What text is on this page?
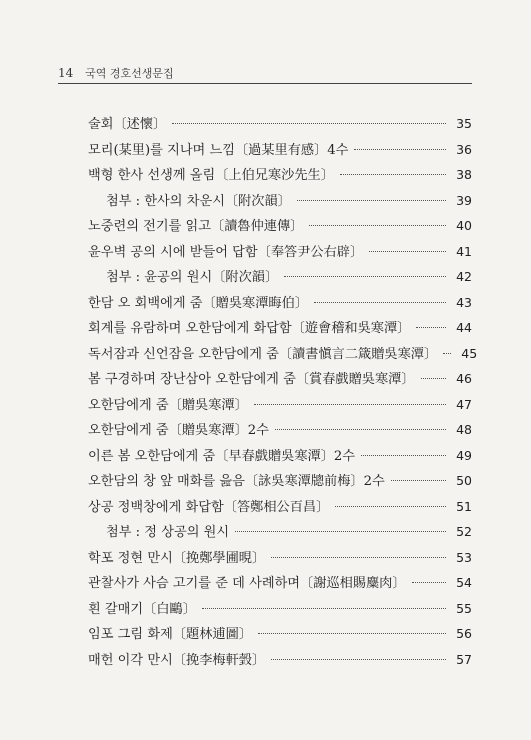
14 국역 경호선생문집
술회〔述懷〕	35
모리(某里)를 지나며 느낌〔過某里有感〕4수	36
백형 한사 선생께 올림〔上伯兄寒沙先生〕	38
첨부 : 한사의 차운시〔附次韻〕	39
노중련의 전기를 읽고〔讀魯仲連傳〕	40
윤우벽 공의 시에 받들어 답함〔奉答尹公右辟〕	41
첨부 : 윤공의 원시〔附次韻〕	42
한담 오 회백에게 줌〔贈吳寒潭晦伯〕	43
회계를 유람하며 오한담에게 화답함〔遊會稽和吳寒潭〕	44
독서잠과 신언잠을 오한담에게 줌〔讀書愼言二箴贈吳寒潭〕	45
봄 구경하며 장난삼아 오한담에게 줌〔賞春戲贈吳寒潭〕	46
오한담에게 줌〔贈吳寒潭〕	47
오한담에게 줌〔贈吳寒潭〕2수	48
이른 봄 오한담에게 줌〔早春戲贈吳寒潭〕2수	49
오한담의 창 앞 매화를 읊음〔詠吳寒潭牕前梅〕2수	50
상공 정백창에게 화답함〔答鄭相公百昌〕	51
첨부 : 정 상공의 원시	52
학포 정현 만시〔挽鄭學圃晛〕	53
관찰사가 사슴 고기를 준 데 사례하며〔謝巡相賜麋肉〕	54
흰 갈매기〔白鷗〕	55
임포 그림 화제〔題林逋圖〕	56
매헌 이각 만시〔挽李梅軒瑴〕	57
